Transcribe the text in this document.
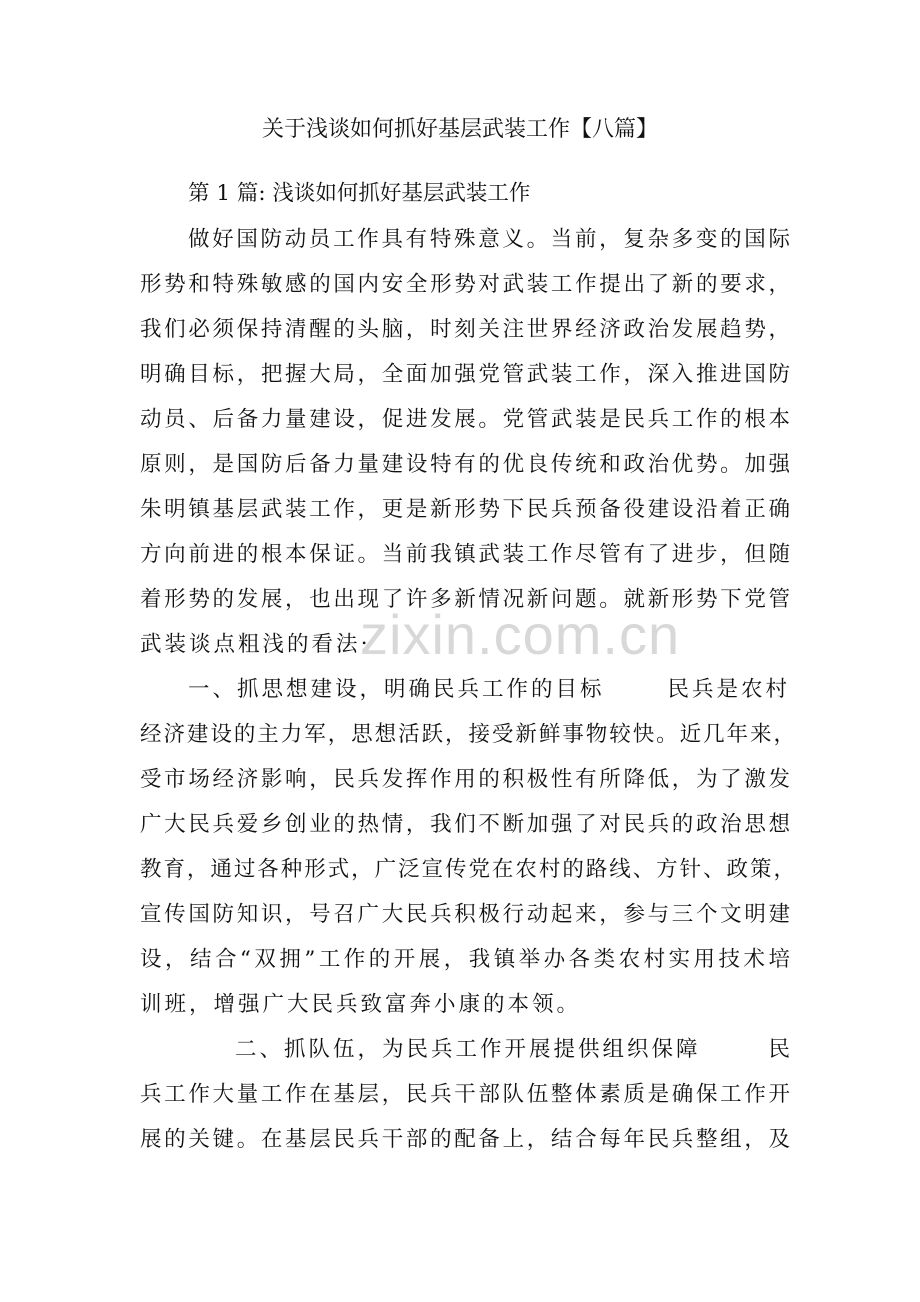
关于浅谈如何抓好基层武装工作【八篇】
第 1 篇: 浅谈如何抓好基层武装工作
做好国防动员工作具有特殊意义。当前，复杂多变的国际
形势和特殊敏感的国内安全形势对武装工作提出了新的要求，
我们必须保持清醒的头脑，时刻关注世界经济政治发展趋势，
明确目标，把握大局，全面加强党管武装工作，深入推进国防
动员、后备力量建设，促进发展。党管武装是民兵工作的根本
原则，是国防后备力量建设特有的优良传统和政治优势。加强
朱明镇基层武装工作，更是新形势下民兵预备役建设沿着正确
方向前进的根本保证。当前我镇武装工作尽管有了进步，但随
着形势的发展，也出现了许多新情况新问题。就新形势下党管
武装谈点粗浅的看法:
zixin.com.cn
一、抓思想建设，明确民兵工作的目标	民兵是农村
经济建设的主力军，思想活跃，接受新鲜事物较快。近几年来，
受市场经济影响，民兵发挥作用的积极性有所降低，为了激发
广大民兵爱乡创业的热情，我们不断加强了对民兵的政治思想
教育，通过各种形式，广泛宣传党在农村的路线、方针、政策，
宣传国防知识，号召广大民兵积极行动起来，参与三个文明建
设，结合“双拥”工作的开展，我镇举办各类农村实用技术培
训班，增强广大民兵致富奔小康的本领。
二、抓队伍，为民兵工作开展提供组织保障	民
兵工作大量工作在基层，民兵干部队伍整体素质是确保工作开
展的关键。在基层民兵干部的配备上，结合每年民兵整组，及
